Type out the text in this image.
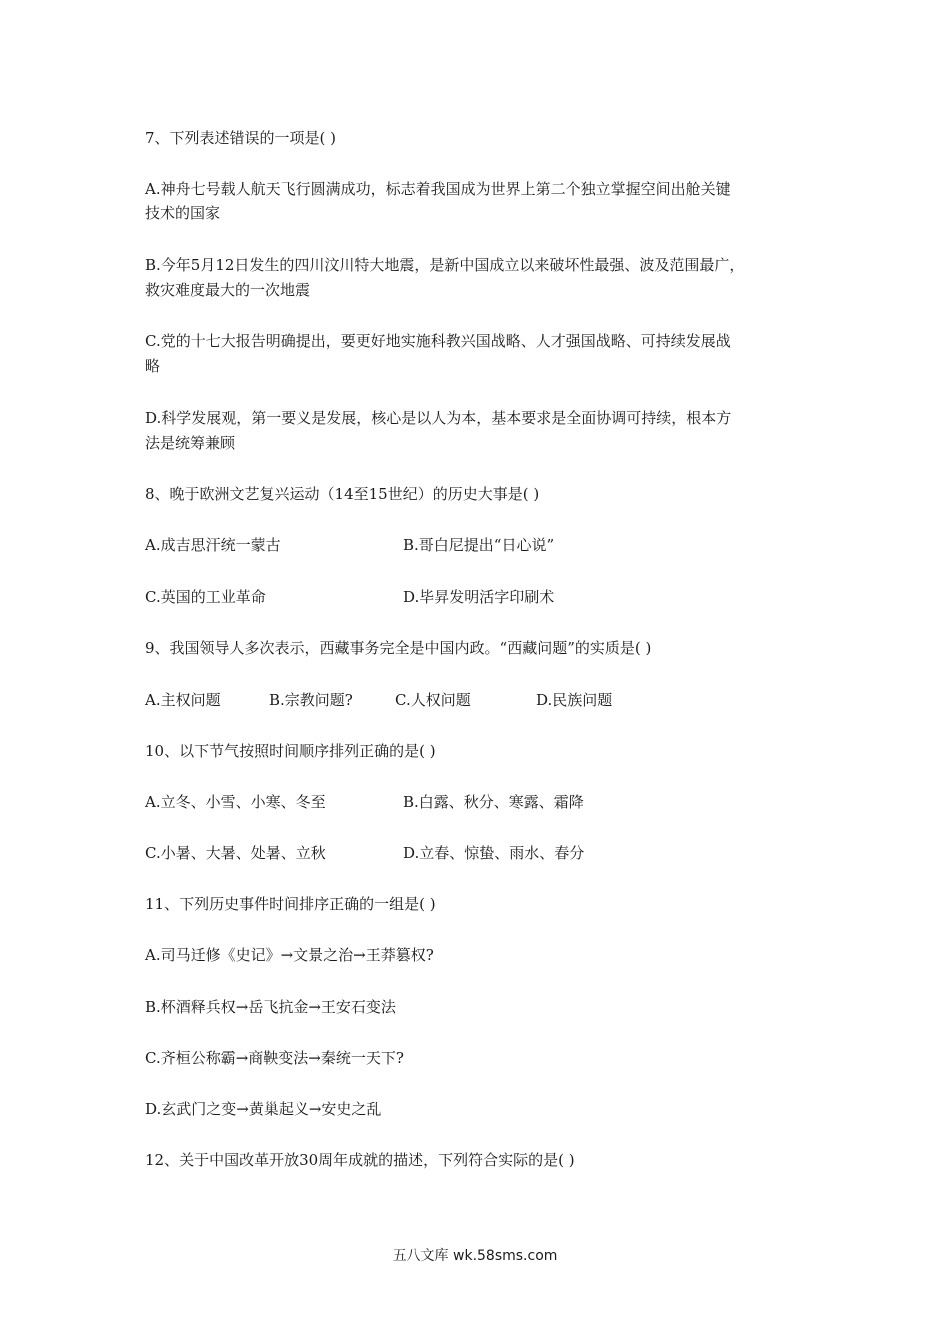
7、下列表述错误的一项是( )
A.神舟七号载人航天飞行圆满成功，标志着我国成为世界上第二个独立掌握空间出舱关键
技术的国家
B.今年5月12日发生的四川汶川特大地震，是新中国成立以来破坏性最强、波及范围最广，
救灾难度最大的一次地震
C.党的十七大报告明确提出，要更好地实施科教兴国战略、人才强国战略、可持续发展战
略
D.科学发展观，第一要义是发展，核心是以人为本，基本要求是全面协调可持续，根本方
法是统筹兼顾
8、晚于欧洲文艺复兴运动（14至15世纪）的历史大事是( )
A.成吉思汗统一蒙古	B.哥白尼提出“日心说”
C.英国的工业革命	D.毕昇发明活字印刷术
9、我国领导人多次表示，西藏事务完全是中国内政。“西藏问题”的实质是( )
A.主权问题	B.宗教问题?	C.人权问题	D.民族问题
10、以下节气按照时间顺序排列正确的是( )
A.立冬、小雪、小寒、冬至	B.白露、秋分、寒露、霜降
C.小暑、大暑、处暑、立秋	D.立春、惊蛰、雨水、春分
11、下列历史事件时间排序正确的一组是( )
A.司马迁修《史记》→文景之治→王莽篡权?
B.杯酒释兵权→岳飞抗金→王安石变法
C.齐桓公称霸→商鞅变法→秦统一天下?
D.玄武门之变→黄巢起义→安史之乱
12、关于中国改革开放30周年成就的描述，下列符合实际的是( )
五八文库 wk.58sms.com
